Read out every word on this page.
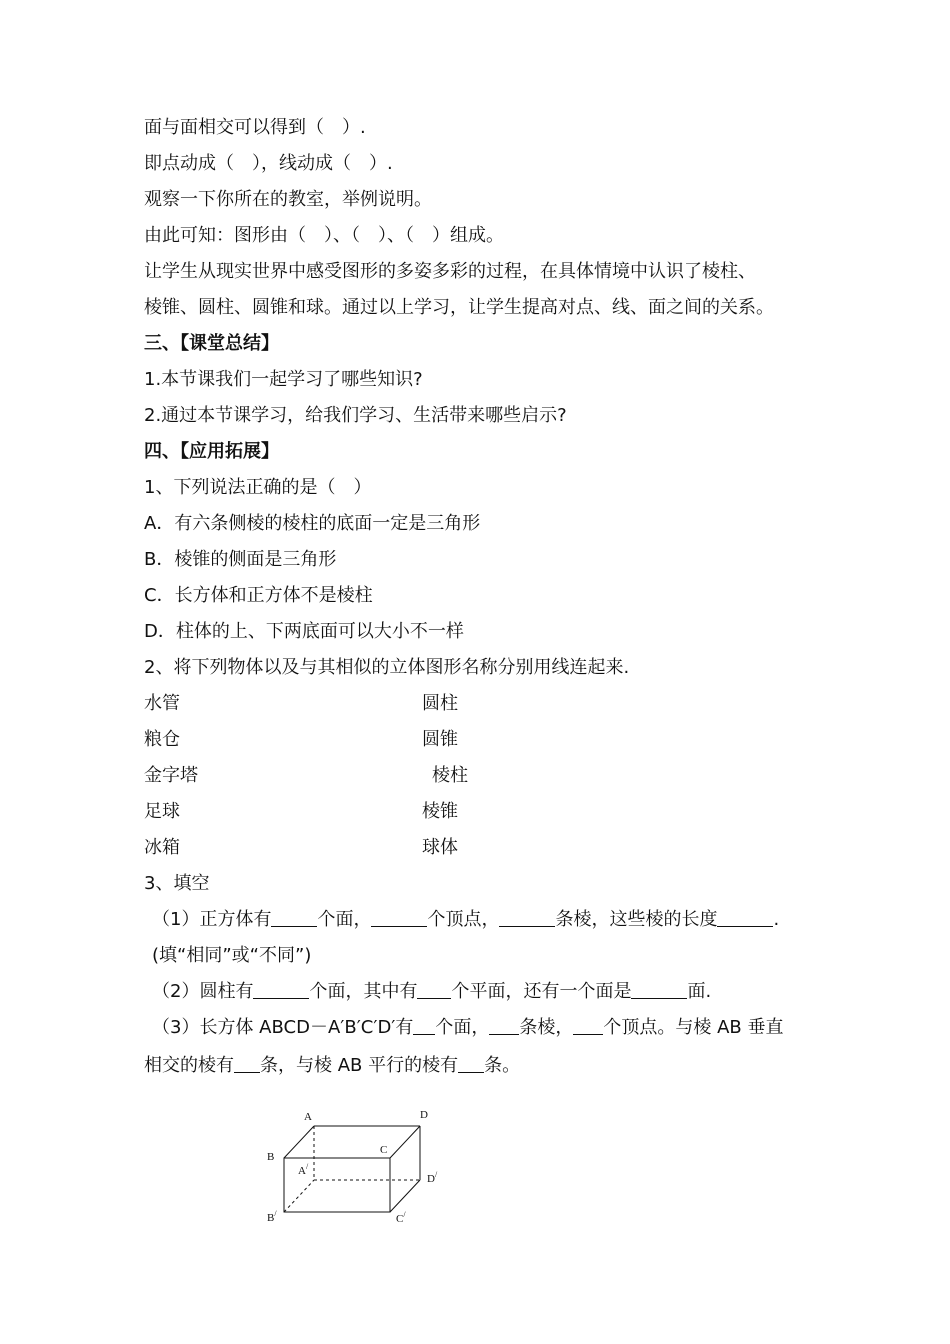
面与面相交可以得到（　）.
即点动成（　），线动成（　）.
观察一下你所在的教室，举例说明。
由此可知：图形由（　）、（　）、（　）组成。
让学生从现实世界中感受图形的多姿多彩的过程，在具体情境中认识了棱柱、
棱锥、圆柱、圆锥和球。通过以上学习，让学生提高对点、线、面之间的关系。
三、【课堂总结】
1.本节课我们一起学习了哪些知识?
2.通过本节课学习，给我们学习、生活带来哪些启示?
四、【应用拓展】
1、下列说法正确的是（　）
A．有六条侧棱的棱柱的底面一定是三角形
B．棱锥的侧面是三角形
C．长方体和正方体不是棱柱
D．柱体的上、下两底面可以大小不一样
2、将下列物体以及与其相似的立体图形名称分别用线连起来.
水管	圆柱
粮仓	圆锥
金字塔	棱柱
足球	棱锥
冰箱	球体
3、填空
（1）正方体有	个面，	个顶点，	条棱，这些棱的长度	.
(填“相同”或“不同”)
（2）圆柱有	个面，其中有 个平面，还有一个面是	面.
（3）长方体 ABCD－A′B′C′D′有 个面， 条棱， 个顶点。与棱 AB 垂直
相交的棱有 条，与棱 AB 平行的棱有 条。
A	D
B
C
A/
D/
B/	C/
